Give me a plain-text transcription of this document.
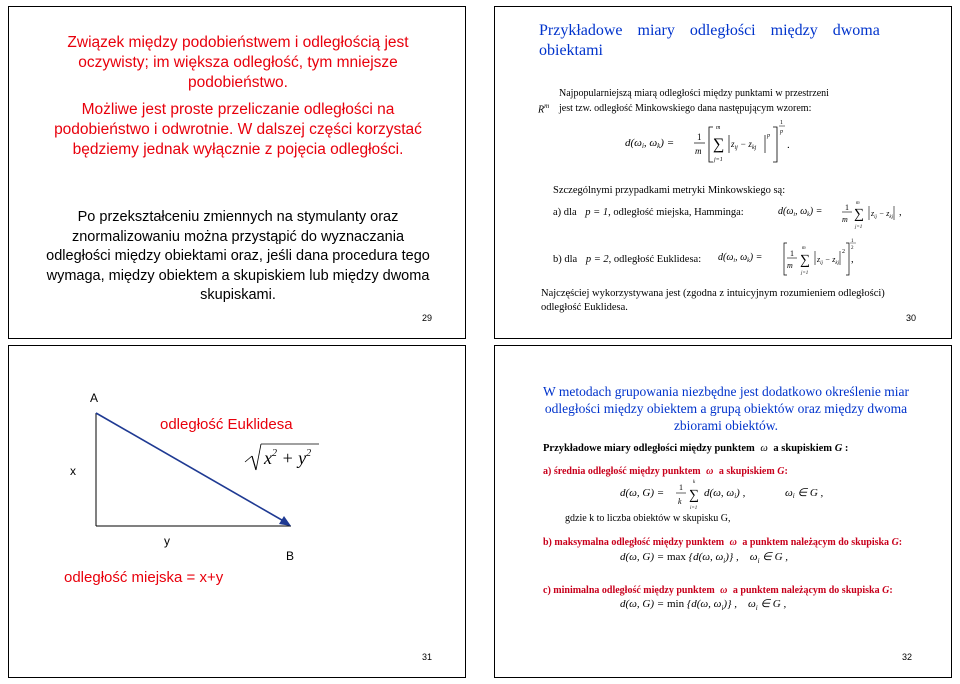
Związek między podobieństwem i odległością jest oczywisty; im większa odległość, tym mniejsze podobieństwo.
Możliwe jest proste przeliczanie odległości na podobieństwo i odwrotnie. W dalszej części korzystać będziemy jednak wyłącznie z pojęcia odległości.
Po przekształceniu zmiennych na stymulanty oraz znormalizowaniu można przystąpić do wyznaczania odległości między obiektami oraz, jeśli dana procedura tego wymaga, między obiektem a skupiskiem lub między dwoma skupiskami.
29
Przykładowe miary odległości między dwoma obiektami
Najpopularniejszą miarą odległości między punktami w przestrzeni
$R^m$ jest tzw. odległość Minkowskiego dana następującym wzorem:
d(ωi, ωk) =	1
m
m
∑
j=1
$z_{ij} - z_{kj}$
p
1
p
.
Szczególnymi przypadkami metryki Minkowskiego są:
a) dla p = 1, odległość miejska, Hamminga:	$d(\omega_i$, $\omega_k$) =	1
m
m
∑
j=1
$z_{ij} - z_{kj}$ ,
b) dla p = 2, odległość Euklidesa: $d(\omega_i$, $\omega_k$) =	1
m
m
∑
j=1
$z_{ij} - z_{kj}$
2
1
2
,
Najczęściej wykorzystywana jest (zgodna z intuicyjnym rozumieniem odległości) odległość Euklidesa.
30
$x^2 + y^2$
A
B
x
y
odległość Euklidesa
odległość miejska = x+y
31
W metodach grupowania niezbędne jest dodatkowo określenie miar odległości między obiektem a grupą obiektów oraz między dwoma zbiorami obiektów.
Przykładowe miary odległości między punktem ω a skupiskiem G :
a) średnia odległość między punktem ω a skupiskiem G:
d(ω, G) = 1
k
k
∑
i=1
d(ω, ωi) ,	ωi ∈ G ,
gdzie k to liczba obiektów w skupisku G,
b) maksymalna odległość między punktem ω a punktem należącym do skupiska G:
d(ω, G) = max {d(ω, $\omega_i$)} ,    $\omega_i$ ∈ G ,
c) minimalna odległość między punktem ω a punktem należącym do skupiska G:
d(ω, G) = min {d(ω, $\omega_i$)} ,    $\omega_i$ ∈ G ,
32
